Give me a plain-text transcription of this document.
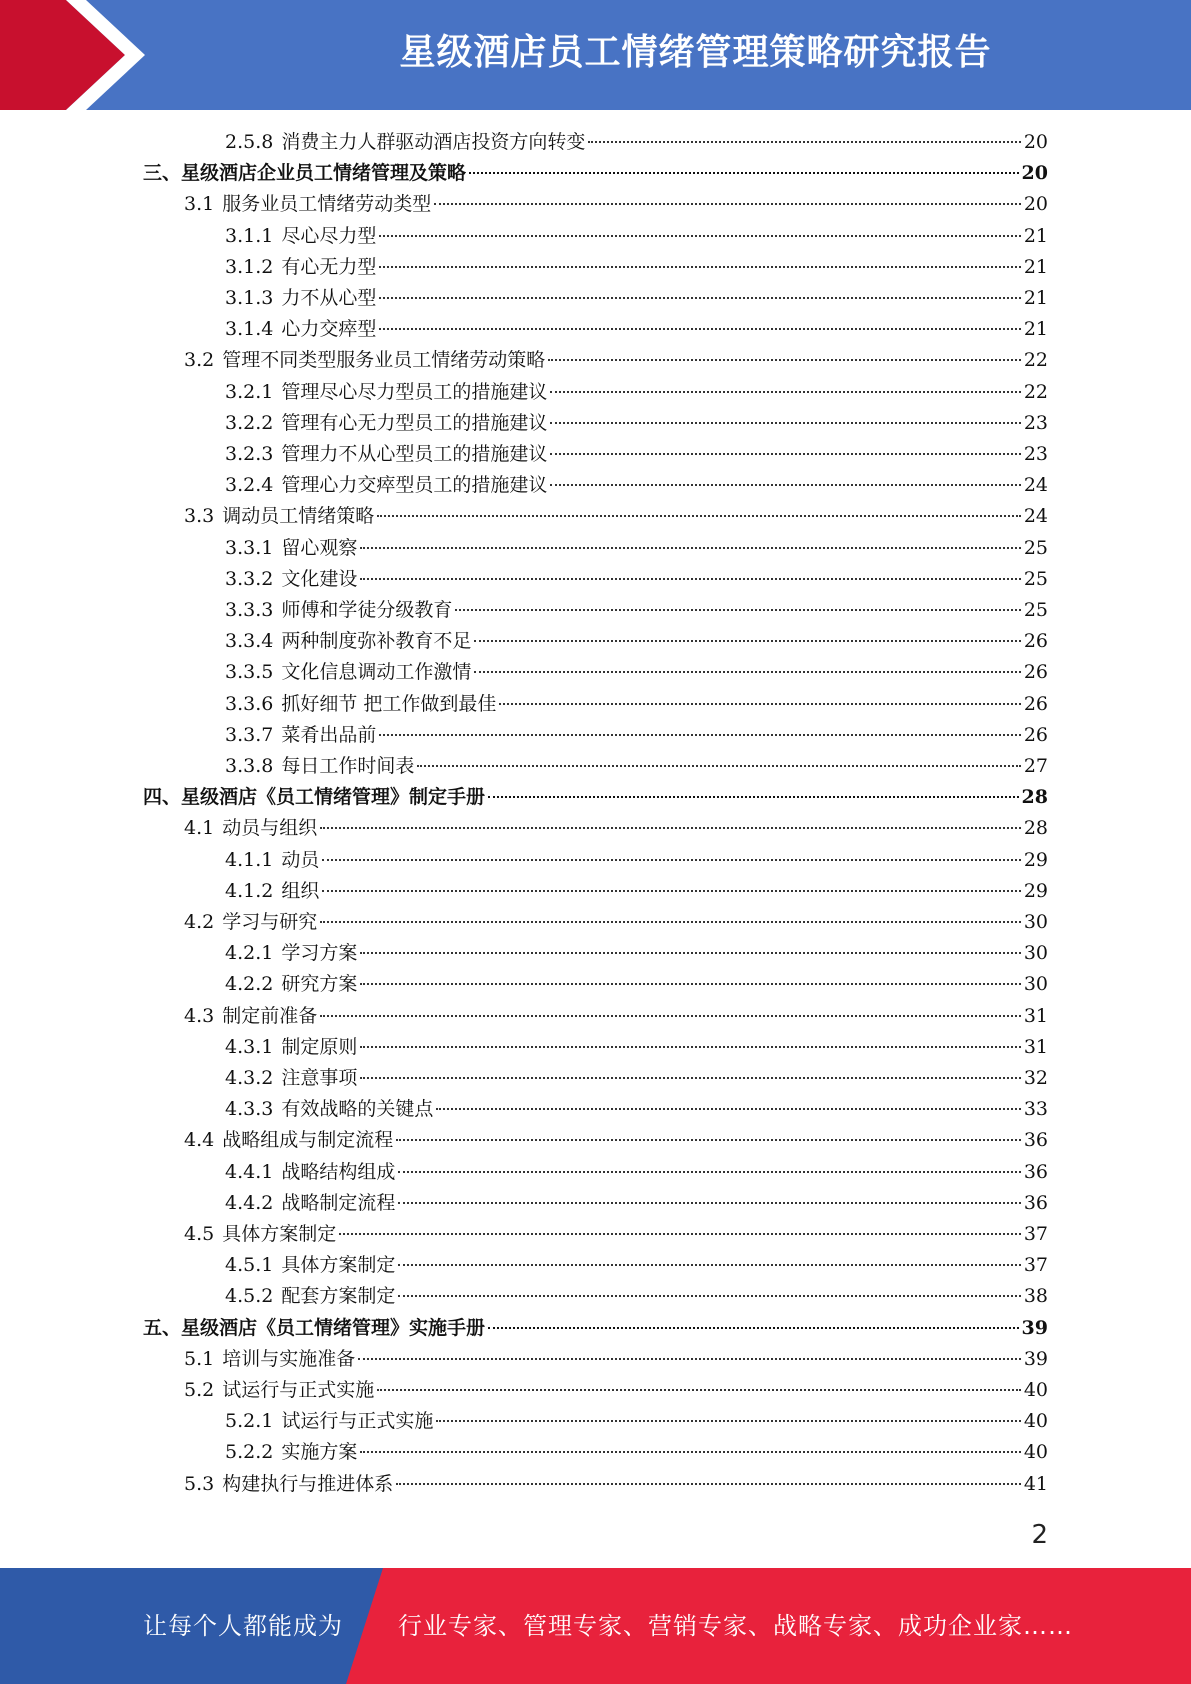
星级酒店员工情绪管理策略研究报告
2.5.8 消费主力人群驱动酒店投资方向转变	20
三、星级酒店企业员工情绪管理及策略	20
3.1 服务业员工情绪劳动类型	20
3.1.1 尽心尽力型	21
3.1.2 有心无力型	21
3.1.3 力不从心型	21
3.1.4 心力交瘁型	21
3.2 管理不同类型服务业员工情绪劳动策略	22
3.2.1 管理尽心尽力型员工的措施建议	22
3.2.2 管理有心无力型员工的措施建议	23
3.2.3 管理力不从心型员工的措施建议	23
3.2.4 管理心力交瘁型员工的措施建议	24
3.3 调动员工情绪策略	24
3.3.1 留心观察	25
3.3.2 文化建设	25
3.3.3 师傅和学徒分级教育	25
3.3.4 两种制度弥补教育不足	26
3.3.5 文化信息调动工作激情	26
3.3.6 抓好细节 把工作做到最佳	26
3.3.7 菜肴出品前	26
3.3.8 每日工作时间表	27
四、星级酒店《员工情绪管理》制定手册	28
4.1 动员与组织	28
4.1.1 动员	29
4.1.2 组织	29
4.2 学习与研究	30
4.2.1 学习方案	30
4.2.2 研究方案	30
4.3 制定前准备	31
4.3.1 制定原则	31
4.3.2 注意事项	32
4.3.3 有效战略的关键点	33
4.4 战略组成与制定流程	36
4.4.1 战略结构组成	36
4.4.2 战略制定流程	36
4.5 具体方案制定	37
4.5.1 具体方案制定	37
4.5.2 配套方案制定	38
五、星级酒店《员工情绪管理》实施手册	39
5.1 培训与实施准备	39
5.2 试运行与正式实施	40
5.2.1 试运行与正式实施	40
5.2.2 实施方案	40
5.3 构建执行与推进体系	41
2
让每个人都能成为 行业专家、管理专家、营销专家、战略专家、成功企业家……
